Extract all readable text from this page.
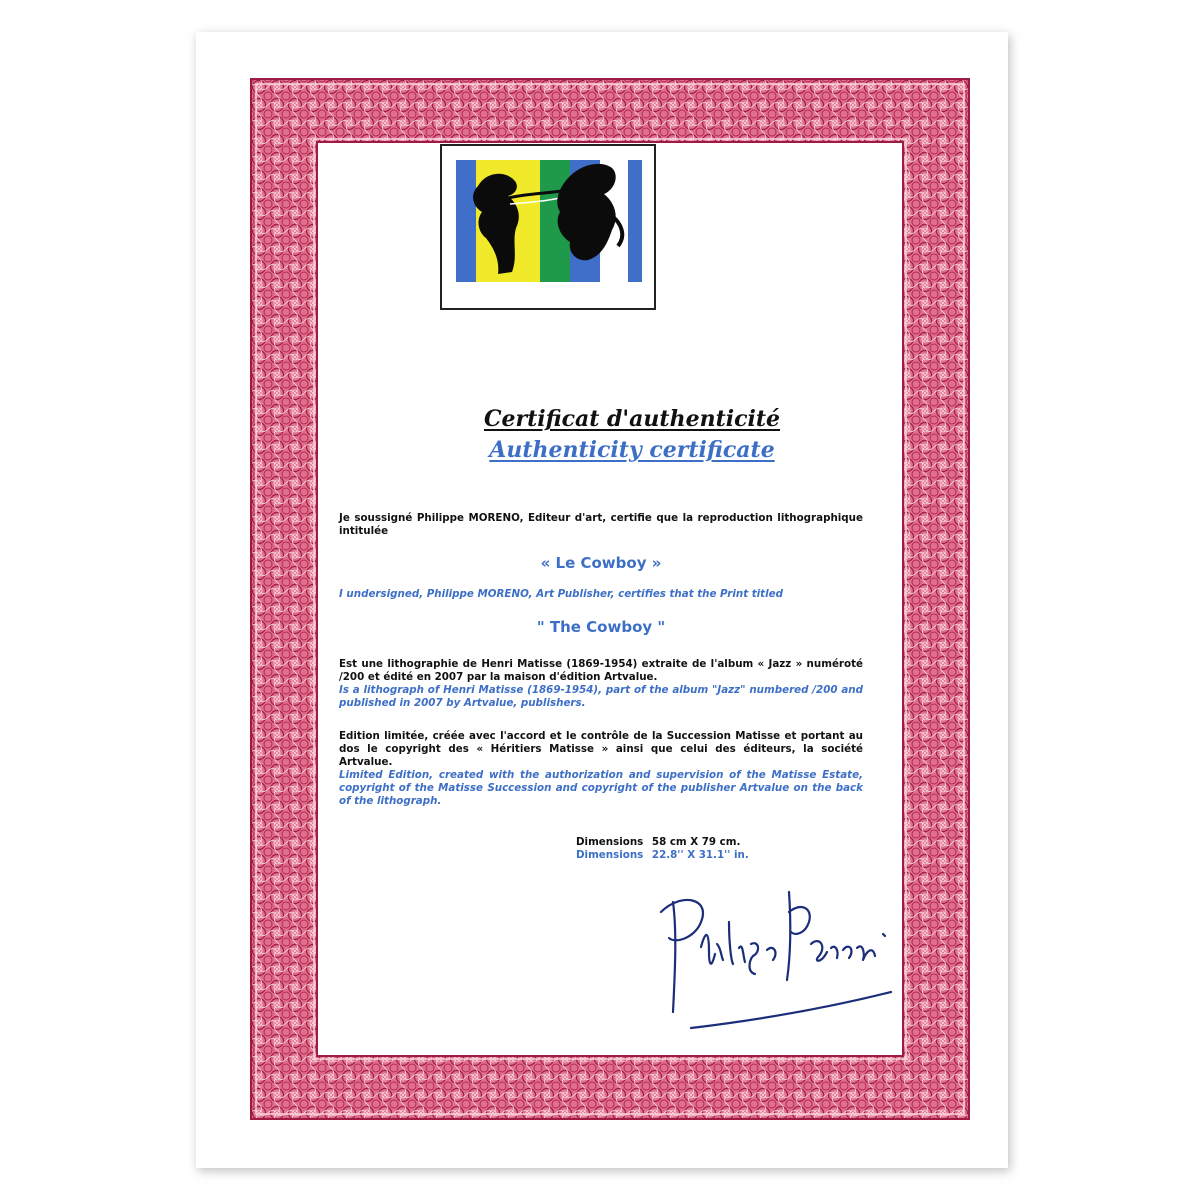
Certificat d'authenticité
Authenticity certificate
Je soussigné Philippe MORENO, Editeur d'art, certifie que la reproduction lithographique intitulée
« Le Cowboy »
I undersigned, Philippe MORENO, Art Publisher, certifies that the Print titled
" The Cowboy "
Est une lithographie de Henri Matisse (1869-1954) extraite de l'album « Jazz » numéroté /200 et édité en 2007 par la maison d'édition Artvalue.
Is a lithograph of Henri Matisse (1869-1954), part of the album "Jazz" numbered /200 and published in 2007 by Artvalue, publishers.
Edition limitée, créée avec l'accord et le contrôle de la Succession Matisse et portant au dos le copyright des « Héritiers Matisse » ainsi que celui des éditeurs, la société Artvalue.
Limited Edition, created with the authorization and supervision of the Matisse Estate, copyright of the Matisse Succession and copyright of the publisher Artvalue on the back of the lithograph.
Dimensions 58 cm X 79 cm.
Dimensions 22.8'' X 31.1'' in.
